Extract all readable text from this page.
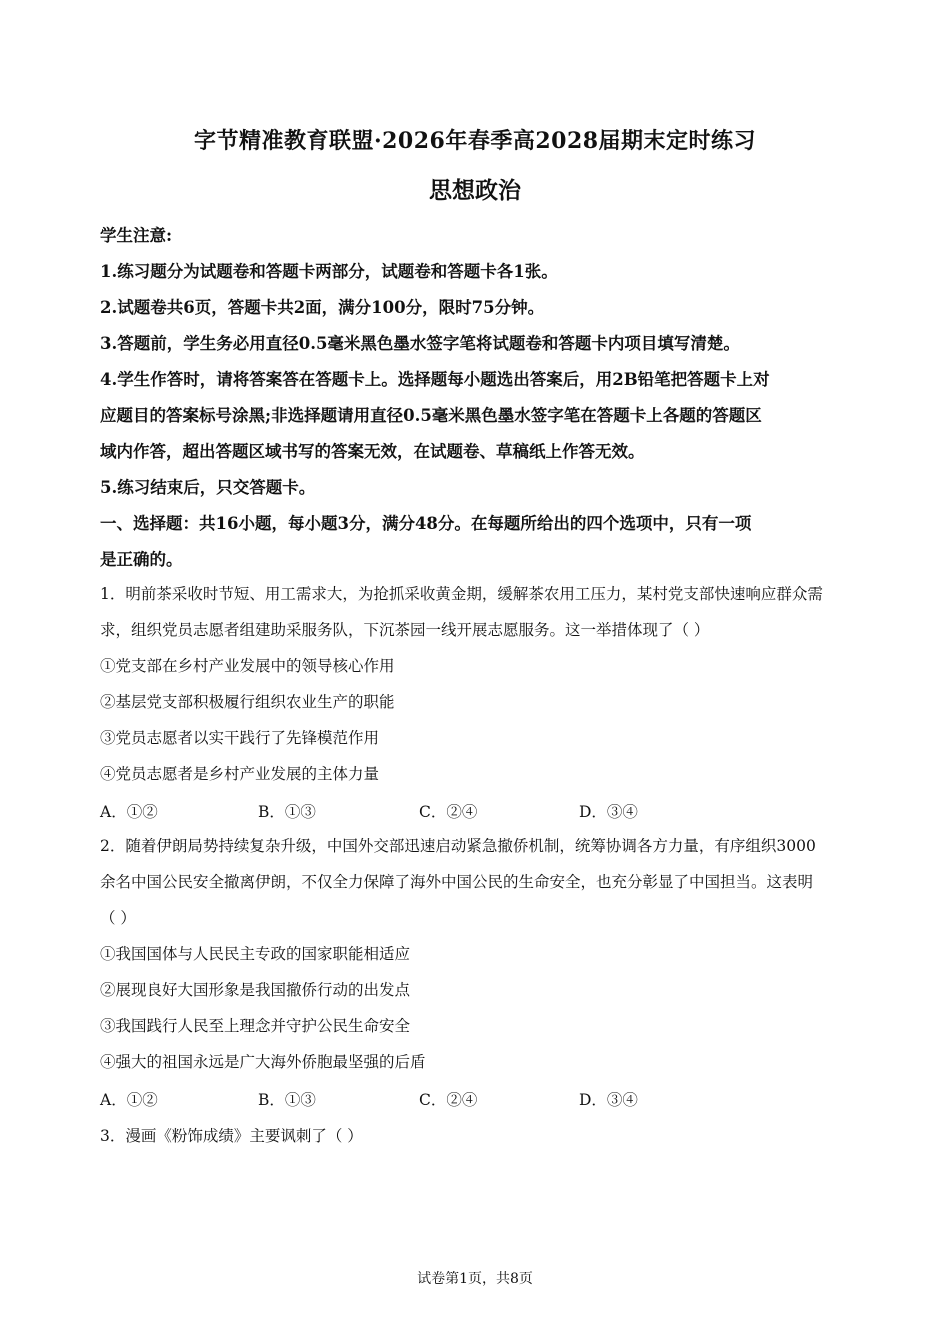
字节精准教育联盟·2026年春季高2028届期末定时练习
思想政治
学生注意:
1.练习题分为试题卷和答题卡两部分，试题卷和答题卡各1张。
2.试题卷共6页，答题卡共2面，满分100分，限时75分钟。
3.答题前，学生务必用直径0.5毫米黑色墨水签字笔将试题卷和答题卡内项目填写清楚。
4.学生作答时，请将答案答在答题卡上。选择题每小题选出答案后，用2B铅笔把答题卡上对
应题目的答案标号涂黑;非选择题请用直径0.5毫米黑色墨水签字笔在答题卡上各题的答题区
域内作答，超出答题区域书写的答案无效，在试题卷、草稿纸上作答无效。
5.练习结束后，只交答题卡。
一、选择题：共16小题，每小题3分，满分48分。在每题所给出的四个选项中，只有一项
是正确的。
1．明前茶采收时节短、用工需求大，为抢抓采收黄金期，缓解茶农用工压力，某村党支部快速响应群众需
求，组织党员志愿者组建助采服务队，下沉茶园一线开展志愿服务。这一举措体现了（ ）
①党支部在乡村产业发展中的领导核心作用
②基层党支部积极履行组织农业生产的职能
③党员志愿者以实干践行了先锋模范作用
④党员志愿者是乡村产业发展的主体力量
A．①②	B．①③	C．②④	D．③④
2．随着伊朗局势持续复杂升级，中国外交部迅速启动紧急撤侨机制，统筹协调各方力量，有序组织3000
余名中国公民安全撤离伊朗，不仅全力保障了海外中国公民的生命安全，也充分彰显了中国担当。这表明
（ ）
①我国国体与人民民主专政的国家职能相适应
②展现良好大国形象是我国撤侨行动的出发点
③我国践行人民至上理念并守护公民生命安全
④强大的祖国永远是广大海外侨胞最坚强的后盾
A．①②	B．①③	C．②④	D．③④
3．漫画《粉饰成绩》主要讽刺了（ ）
试卷第1页，共8页
